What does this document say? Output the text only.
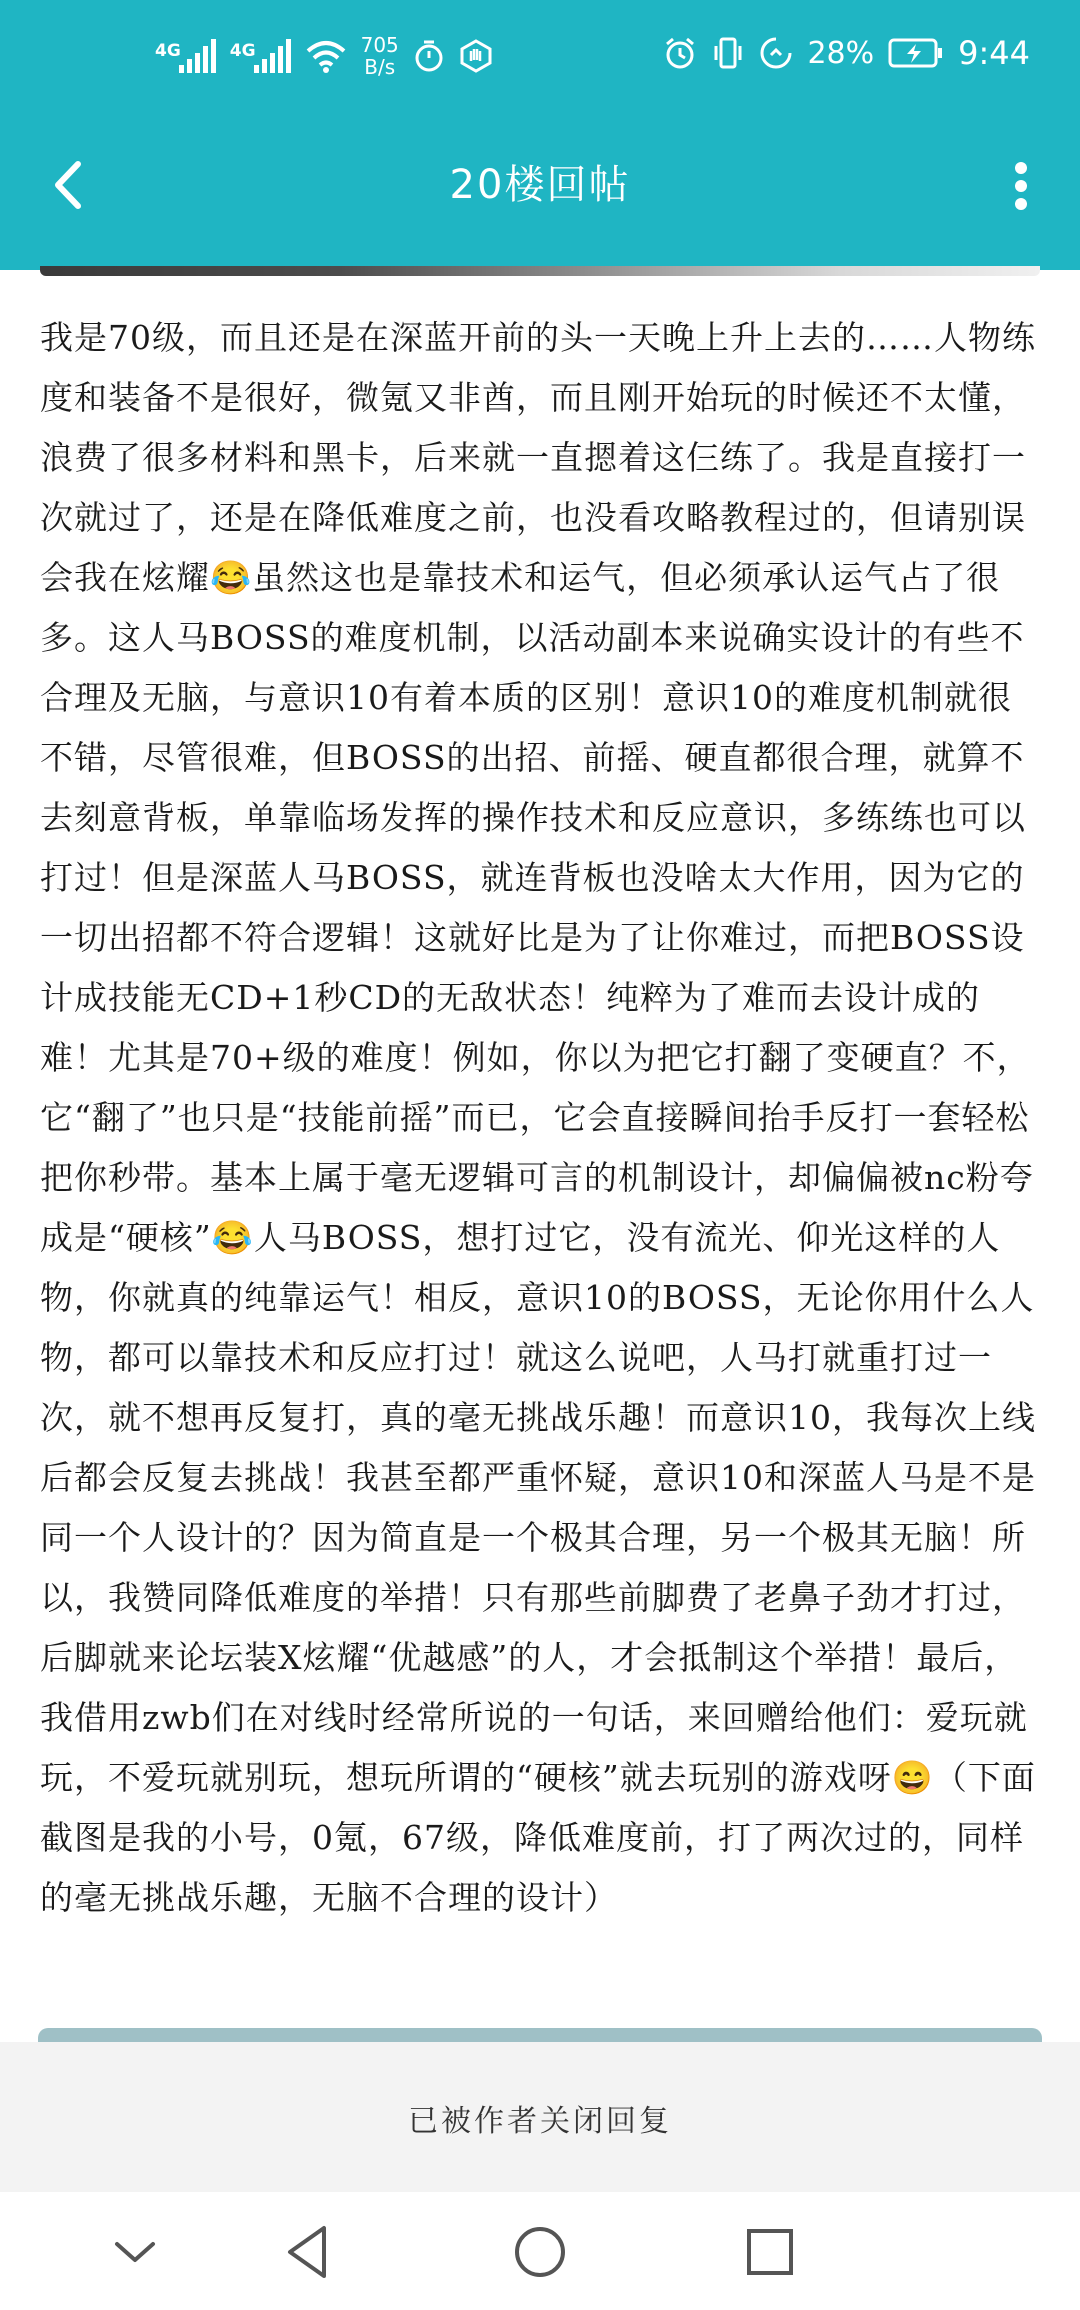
4G	4G	705
B/s	28%	9:44
20楼回帖

我是70级，而且还是在深蓝开前的头一天晚上升上去的……人物练度和装备不是很好，微氪又非酋，而且刚开始玩的时候还不太懂，浪费了很多材料和黑卡，后来就一直摁着这仨练了。我是直接打一次就过了，还是在降低难度之前，也没看攻略教程过的，但请别误会我在炫耀😂虽然这也是靠技术和运气，但必须承认运气占了很多。这人马BOSS的难度机制，以活动副本来说确实设计的有些不合理及无脑，与意识10有着本质的区别！意识10的难度机制就很不错，尽管很难，但BOSS的出招、前摇、硬直都很合理，就算不去刻意背板，单靠临场发挥的操作技术和反应意识，多练练也可以打过！但是深蓝人马BOSS，就连背板也没啥太大作用，因为它的一切出招都不符合逻辑！这就好比是为了让你难过，而把BOSS设计成技能无CD+1秒CD的无敌状态！纯粹为了难而去设计成的难！尤其是70+级的难度！例如，你以为把它打翻了变硬直？不，它“翻了”也只是“技能前摇”而已，它会直接瞬间抬手反打一套轻松把你秒带。基本上属于毫无逻辑可言的机制设计，却偏偏被nc粉夸成是“硬核”😂人马BOSS，想打过它，没有流光、仰光这样的人物，你就真的纯靠运气！相反，意识10的BOSS，无论你用什么人物，都可以靠技术和反应打过！就这么说吧，人马打就重打过一次，就不想再反复打，真的毫无挑战乐趣！而意识10，我每次上线后都会反复去挑战！我甚至都严重怀疑，意识10和深蓝人马是不是同一个人设计的？因为简直是一个极其合理，另一个极其无脑！所以，我赞同降低难度的举措！只有那些前脚费了老鼻子劲才打过，后脚就来论坛装X炫耀“优越感”的人，才会抵制这个举措！最后，我借用zwb们在对线时经常所说的一句话，来回赠给他们：爱玩就玩，不爱玩就别玩，想玩所谓的“硬核”就去玩别的游戏呀😄（下面截图是我的小号，0氪，67级，降低难度前，打了两次过的，同样的毫无挑战乐趣，无脑不合理的设计）

已被作者关闭回复
